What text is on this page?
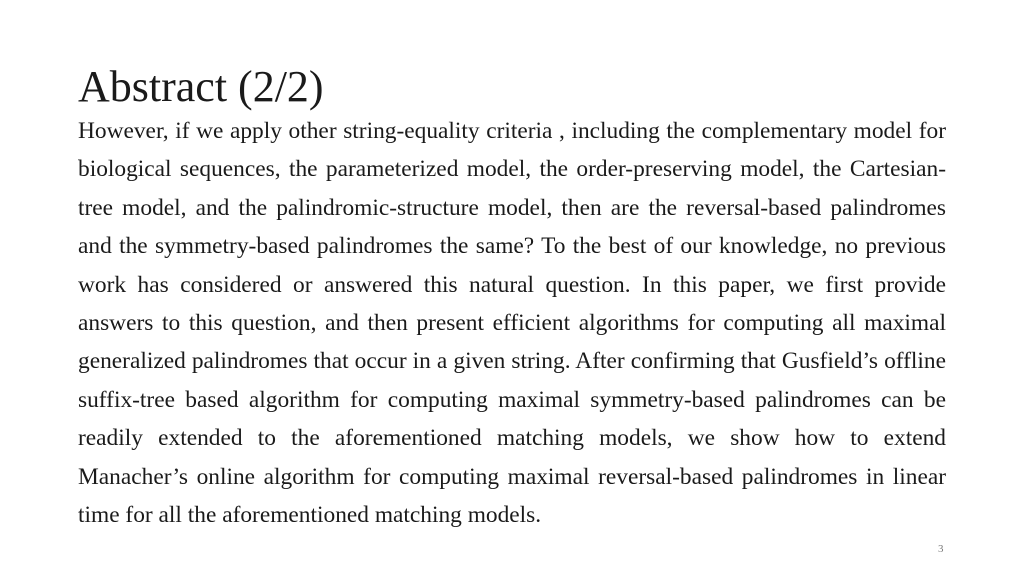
Abstract (2/2)

However, if we apply other string-equality criteria , including the complementary model for biological sequences, the parameterized model, the order-preserving model, the Cartesian-tree model, and the palindromic-structure model, then are the reversal-based palindromes and the symmetry-based palindromes the same? To the best of our knowledge, no previous work has considered or answered this natural question. In this paper, we first provide answers to this question, and then present efficient algorithms for computing all maximal generalized palindromes that occur in a given string. After confirming that Gusfield’s offline suffix-tree based algorithm for computing maximal symmetry-based palindromes can be readily extended to the aforementioned matching models, we show how to extend Manacher’s online algorithm for computing maximal reversal-based palindromes in linear time for all the aforementioned matching models.

3
